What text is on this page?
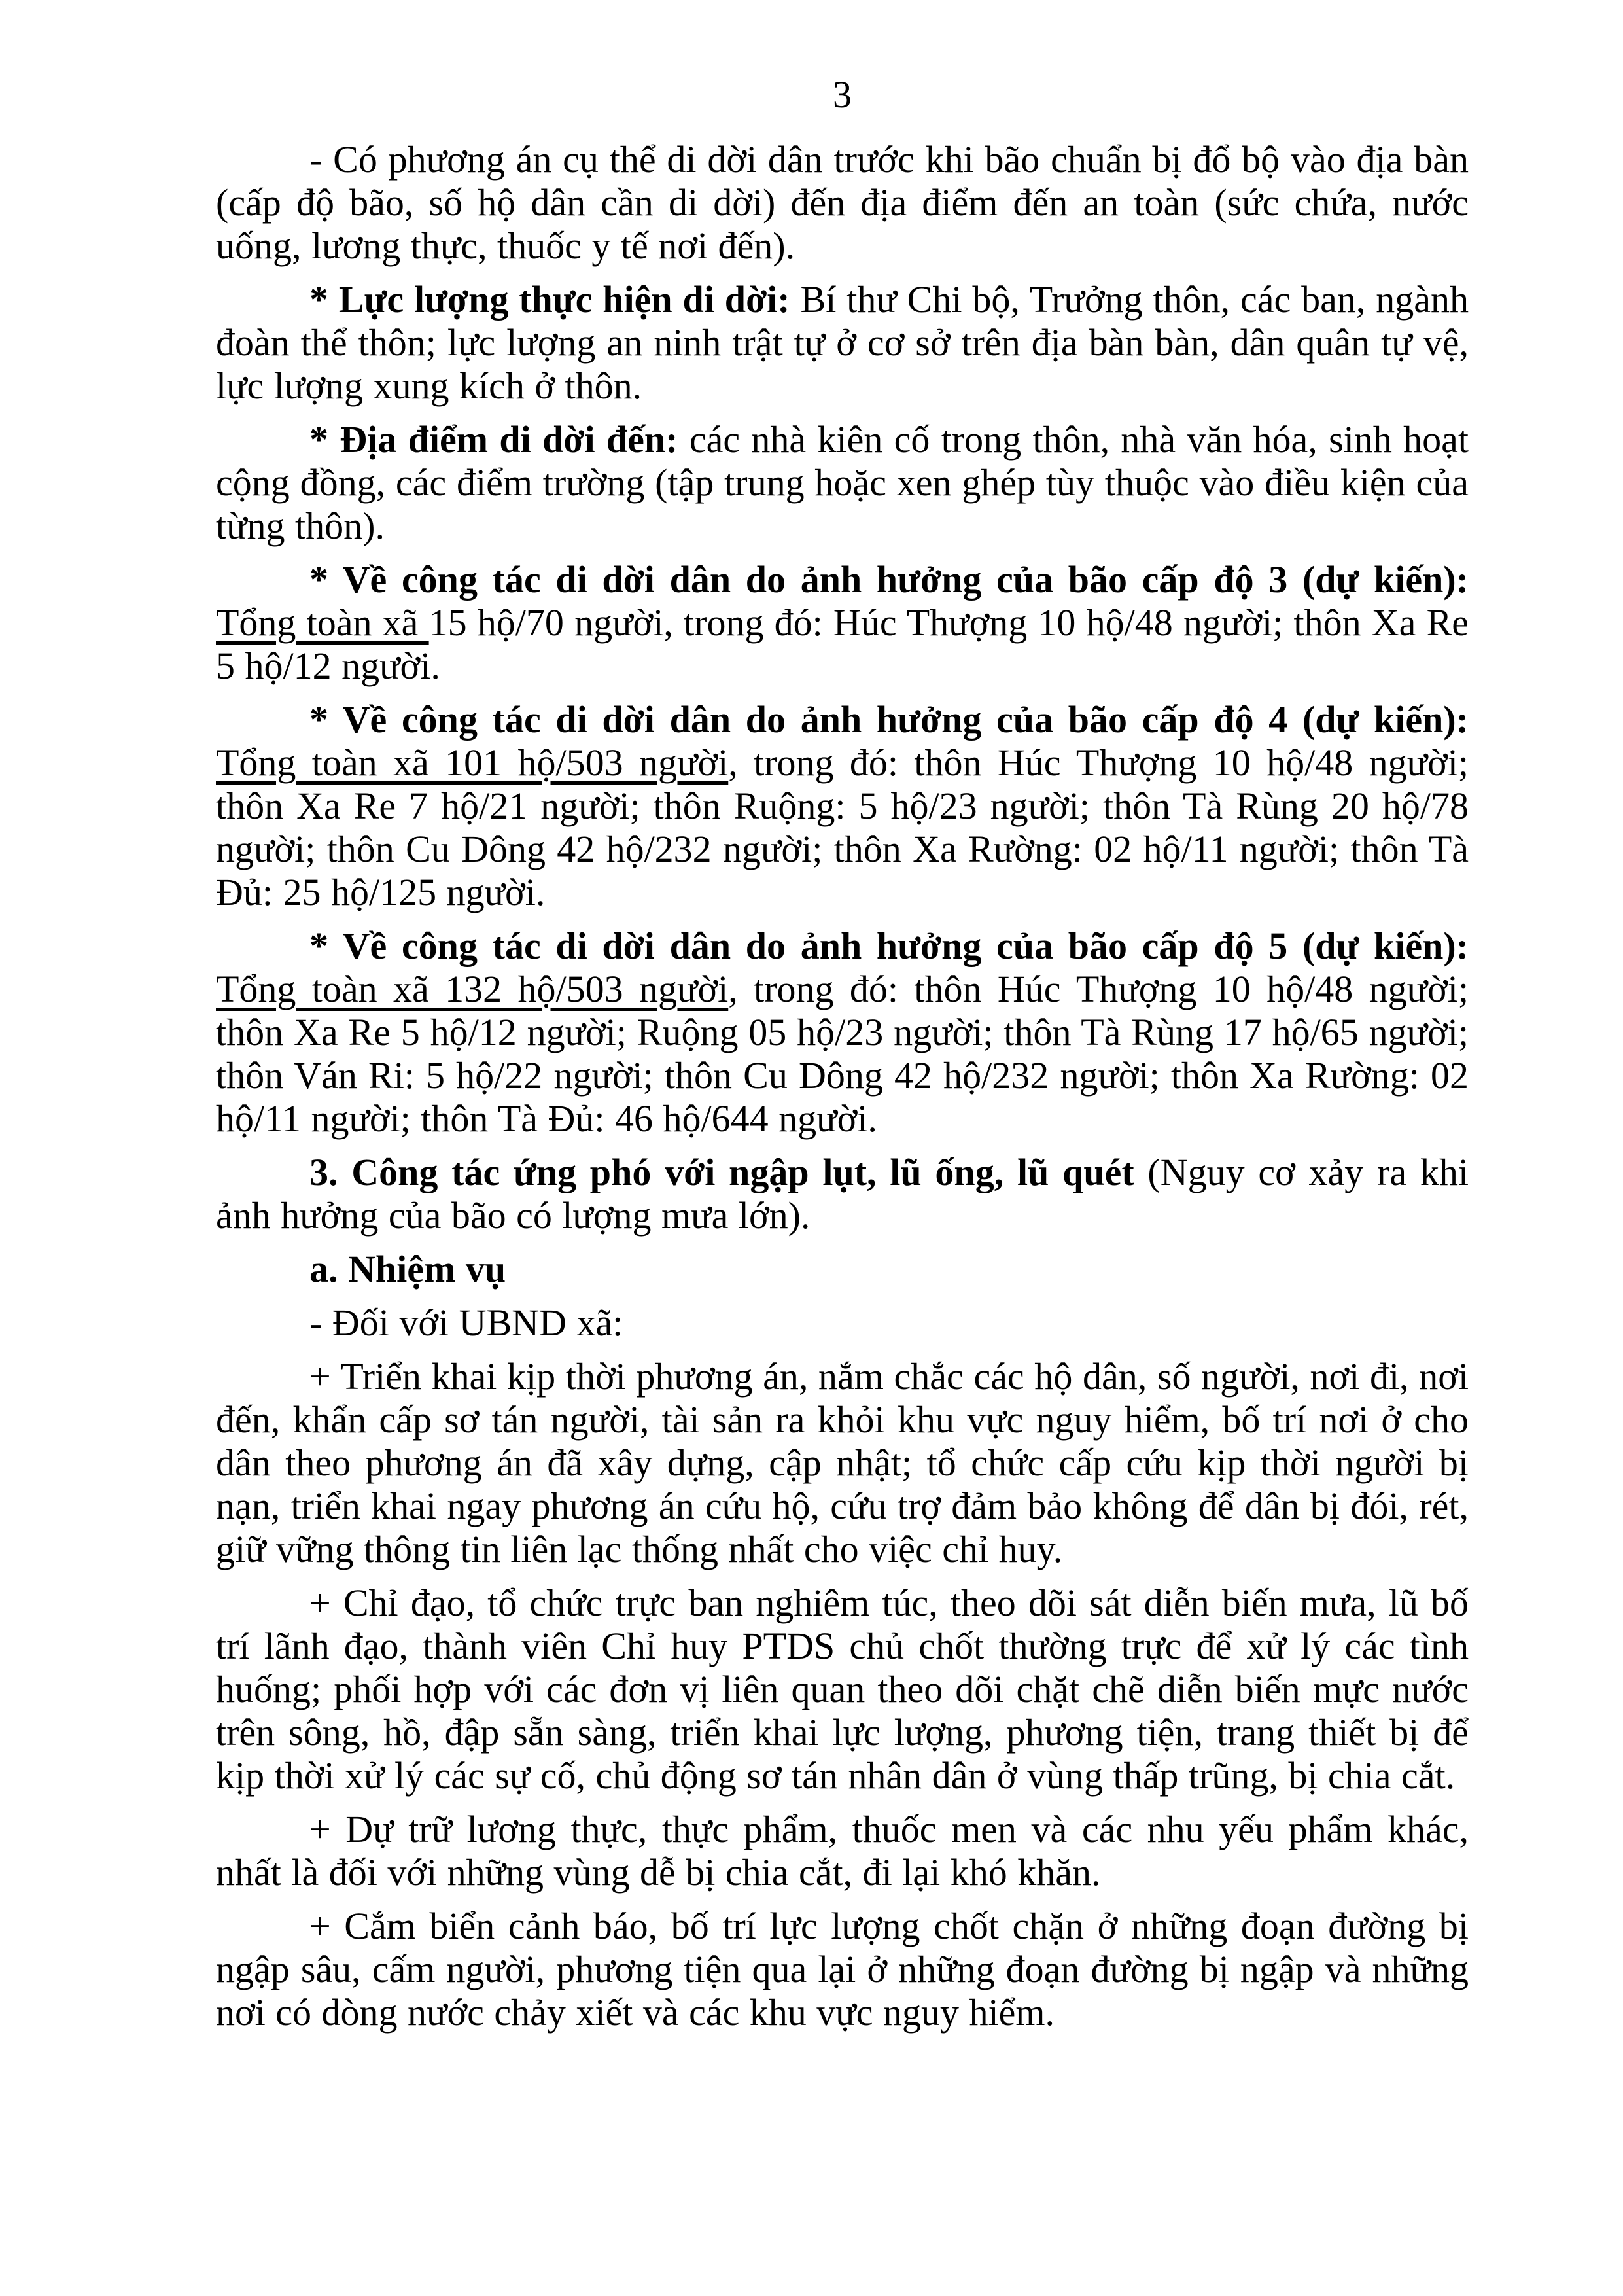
3

- Có phương án cụ thể di dời dân trước khi bão chuẩn bị đổ bộ vào địa bàn (cấp độ bão, số hộ dân cần di dời) đến địa điểm đến an toàn (sức chứa, nước uống, lương thực, thuốc y tế nơi đến).

* Lực lượng thực hiện di dời: Bí thư Chi bộ, Trưởng thôn, các ban, ngành đoàn thể thôn; lực lượng an ninh trật tự ở cơ sở trên địa bàn bàn, dân quân tự vệ, lực lượng xung kích ở thôn.

* Địa điểm di dời đến: các nhà kiên cố trong thôn, nhà văn hóa, sinh hoạt cộng đồng, các điểm trường (tập trung hoặc xen ghép tùy thuộc vào điều kiện của từng thôn).

* Về công tác di dời dân do ảnh hưởng của bão cấp độ 3 (dự kiến): Tổng toàn xã 15 hộ/70 người, trong đó: Húc Thượng 10 hộ/48 người; thôn Xa Re 5 hộ/12 người.

* Về công tác di dời dân do ảnh hưởng của bão cấp độ 4 (dự kiến): Tổng toàn xã 101 hộ/503 người, trong đó: thôn Húc Thượng 10 hộ/48 người; thôn Xa Re 7 hộ/21 người; thôn Ruộng: 5 hộ/23 người; thôn Tà Rùng 20 hộ/78 người; thôn Cu Dông 42 hộ/232 người; thôn Xa Rường: 02 hộ/11 người; thôn Tà Đủ: 25 hộ/125 người.

* Về công tác di dời dân do ảnh hưởng của bão cấp độ 5 (dự kiến): Tổng toàn xã 132 hộ/503 người, trong đó: thôn Húc Thượng 10 hộ/48 người; thôn Xa Re 5 hộ/12 người; Ruộng 05 hộ/23 người; thôn Tà Rùng 17 hộ/65 người; thôn Ván Ri: 5 hộ/22 người; thôn Cu Dông 42 hộ/232 người; thôn Xa Rường: 02 hộ/11 người; thôn Tà Đủ: 46 hộ/644 người.

3. Công tác ứng phó với ngập lụt, lũ ống, lũ quét (Nguy cơ xảy ra khi ảnh hưởng của bão có lượng mưa lớn).

a. Nhiệm vụ

- Đối với UBND xã:

+ Triển khai kịp thời phương án, nắm chắc các hộ dân, số người, nơi đi, nơi đến, khẩn cấp sơ tán người, tài sản ra khỏi khu vực nguy hiểm, bố trí nơi ở cho dân theo phương án đã xây dựng, cập nhật; tổ chức cấp cứu kịp thời người bị nạn, triển khai ngay phương án cứu hộ, cứu trợ đảm bảo không để dân bị đói, rét, giữ vững thông tin liên lạc thống nhất cho việc chỉ huy.

+ Chỉ đạo, tổ chức trực ban nghiêm túc, theo dõi sát diễn biến mưa, lũ bố trí lãnh đạo, thành viên Chỉ huy PTDS chủ chốt thường trực để xử lý các tình huống; phối hợp với các đơn vị liên quan theo dõi chặt chẽ diễn biến mực nước trên sông, hồ, đập sẵn sàng, triển khai lực lượng, phương tiện, trang thiết bị để kịp thời xử lý các sự cố, chủ động sơ tán nhân dân ở vùng thấp trũng, bị chia cắt.

+ Dự trữ lương thực, thực phẩm, thuốc men và các nhu yếu phẩm khác, nhất là đối với những vùng dễ bị chia cắt, đi lại khó khăn.

+ Cắm biển cảnh báo, bố trí lực lượng chốt chặn ở những đoạn đường bị ngập sâu, cấm người, phương tiện qua lại ở những đoạn đường bị ngập và những nơi có dòng nước chảy xiết và các khu vực nguy hiểm.
